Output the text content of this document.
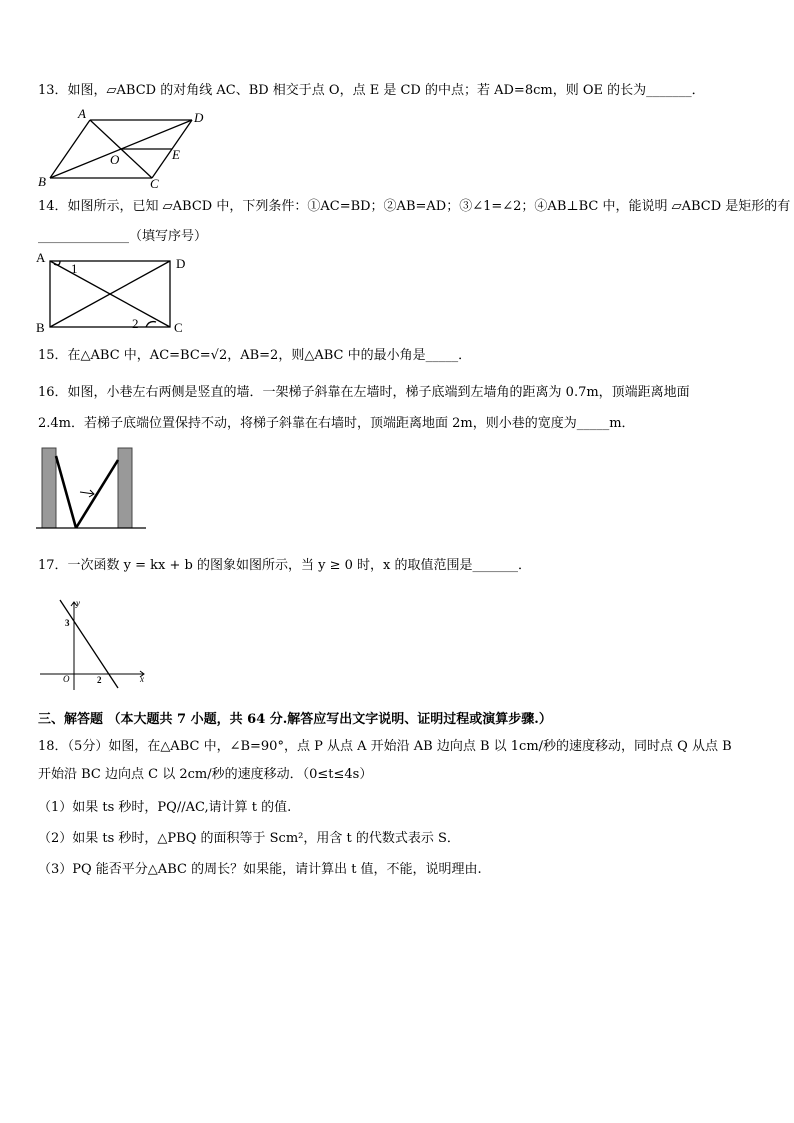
13．如图，▱ABCD 的对角线 AC、BD 相交于点 O，点 E 是 CD 的中点；若 AD=8cm，则 OE 的长为_______．
A	D
B	C
O	E
14．如图所示，已知 ▱ABCD 中，下列条件：①AC=BD；②AB=AD；③∠1=∠2；④AB⊥BC 中，能说明 ▱ABCD 是矩形的有
______________（填写序号）
A	D
B	C
1
2
15．在△ABC 中，AC=BC=√2，AB=2，则△ABC 中的最小角是_____．
16．如图，小巷左右两侧是竖直的墙．一架梯子斜靠在左墙时，梯子底端到左墙角的距离为 0.7m，顶端距离地面
2.4m．若梯子底端位置保持不动，将梯子斜靠在右墙时，顶端距离地面 2m，则小巷的宽度为_____m．
17．一次函数 y = kx + b 的图象如图所示，当 y ≥ 0 时，x 的取值范围是_______．
y
x
O
3
2
三、解答题 （本大题共 7 小题，共 64 分.解答应写出文字说明、证明过程或演算步骤.）
18．（5分）如图，在△ABC 中，∠B=90°，点 P 从点 A 开始沿 AB 边向点 B 以 1cm/秒的速度移动，同时点 Q 从点 B
开始沿 BC 边向点 C 以 2cm/秒的速度移动．（0≤t≤4s）
（1）如果 ts 秒时，PQ//AC,请计算 t 的值.
（2）如果 ts 秒时，△PBQ 的面积等于 Scm²，用含 t 的代数式表示 S．
（3）PQ 能否平分△ABC 的周长？如果能，请计算出 t 值，不能，说明理由.
